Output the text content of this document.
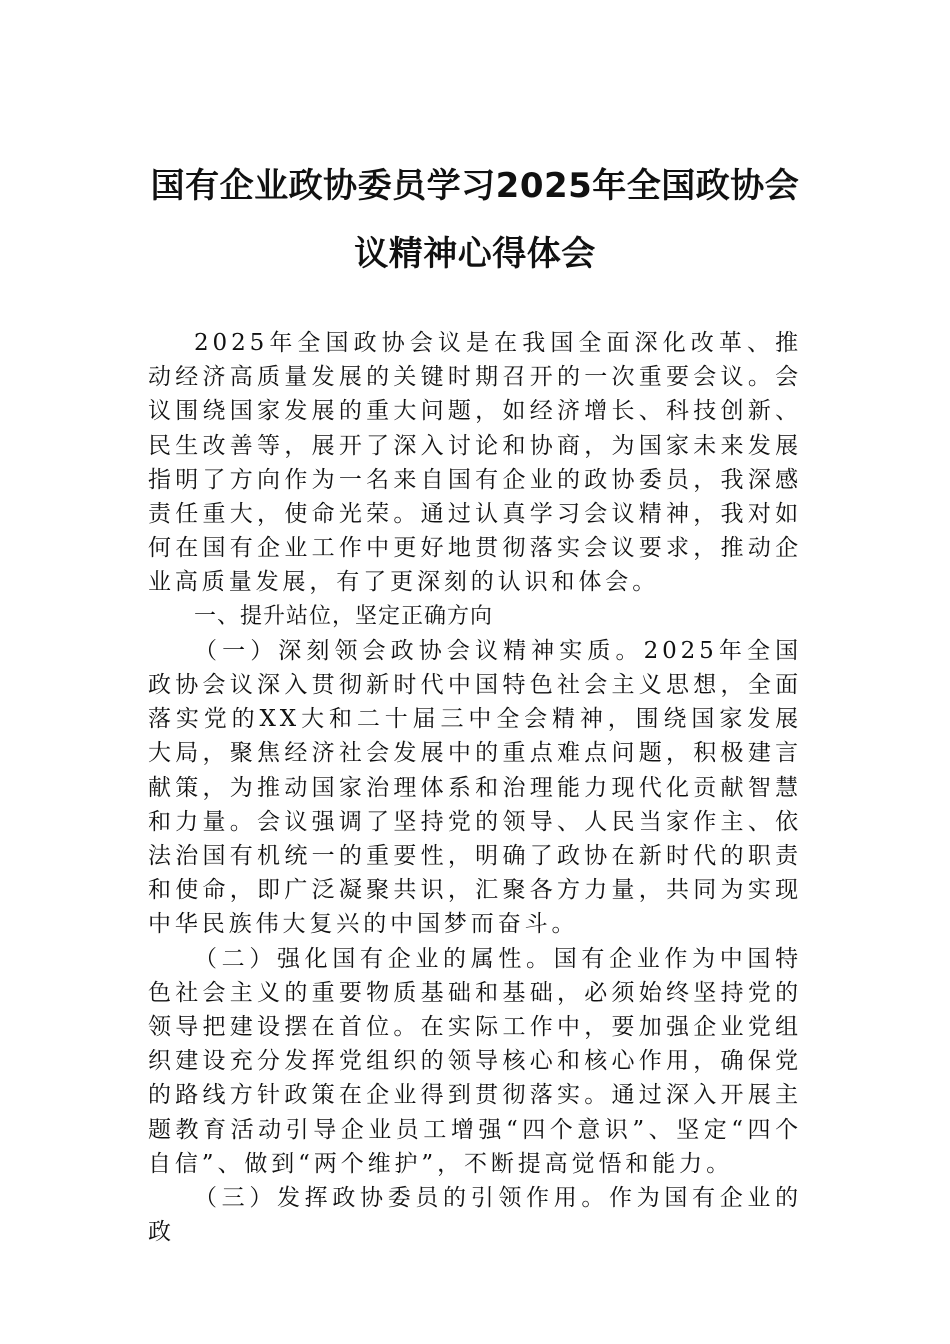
国有企业政协委员学习2025年全国政协会
议精神心得体会

2025年全国政协会议是在我国全面深化改革、推动经济高质量发展的关键时期召开的一次重要会议。会议围绕国家发展的重大问题，如经济增长、科技创新、民生改善等，展开了深入讨论和协商，为国家未来发展指明了方向作为一名来自国有企业的政协委员，我深感责任重大，使命光荣。通过认真学习会议精神，我对如何在国有企业工作中更好地贯彻落实会议要求，推动企业高质量发展，有了更深刻的认识和体会。

一、提升站位，坚定正确方向

（一）深刻领会政协会议精神实质。2025年全国政协会议深入贯彻新时代中国特色社会主义思想，全面落实党的XX大和二十届三中全会精神，围绕国家发展大局，聚焦经济社会发展中的重点难点问题，积极建言献策，为推动国家治理体系和治理能力现代化贡献智慧和力量。会议强调了坚持党的领导、人民当家作主、依法治国有机统一的重要性，明确了政协在新时代的职责和使命，即广泛凝聚共识，汇聚各方力量，共同为实现中华民族伟大复兴的中国梦而奋斗。

（二）强化国有企业的属性。国有企业作为中国特色社会主义的重要物质基础和基础，必须始终坚持党的领导把建设摆在首位。在实际工作中，要加强企业党组织建设充分发挥党组织的领导核心和核心作用，确保党的路线方针政策在企业得到贯彻落实。通过深入开展主题教育活动引导企业员工增强“四个意识”、坚定“四个自信”、做到“两个维护”，不断提高觉悟和能力。

（三）发挥政协委员的引领作用。作为国有企业的政
